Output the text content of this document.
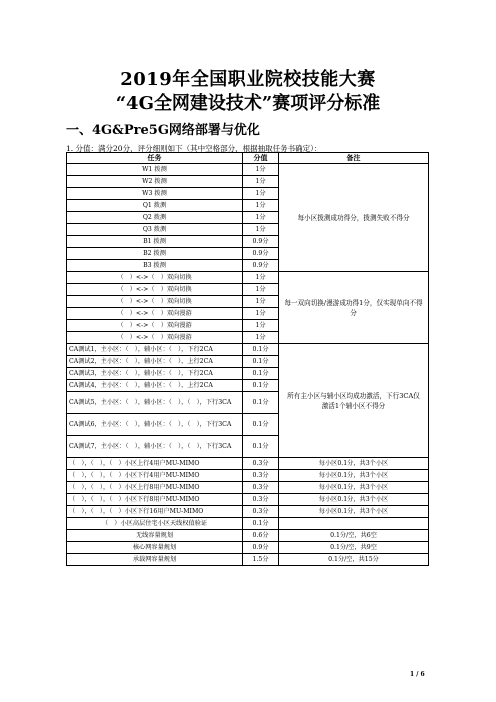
2019年全国职业院校技能大赛
“4G全网建设技术”赛项评分标准
一、4G&Pre5G网络部署与优化
1. 分值：满分20分，评分细则如下（其中空格部分，根据抽取任务书确定）：
任务	分值	备注
W1 拨测	1分	每小区拨测成功得分，拨测失败不得分
W2 拨测	1分	
W3 拨测	1分	
Q1 拨测	1分	
Q2 拨测	1分	
Q3 拨测	1分	
B1 拨测	0.9分	
B2 拨测	0.9分	
B3 拨测	0.9分	
（　）<->（　）双向切换	1分	每一双向切换/漫游成功得1分，仅实现单向不得分
（　）<->（　）双向切换	1分	
（　）<->（　）双向切换	1分	
（　）<->（　）双向漫游	1分	
（　）<->（　）双向漫游	1分	
（　）<->（　）双向漫游	1分	
CA测试1，主小区：（　），辅小区：（　），下行2CA	0.1分	所有主小区与辅小区均成功激活，下行3CA仅激活1个辅小区不得分
CA测试2，主小区：（　），辅小区：（　），上行2CA	0.1分	
CA测试3，主小区：（　），辅小区：（　），下行2CA	0.1分	
CA测试4，主小区：（　），辅小区：（　），上行2CA	0.1分	
CA测试5，主小区：（　），辅小区：（　），（　），下行3CA	0.1分	
CA测试6，主小区：（　），辅小区：（　），（　），下行3CA	0.1分	
CA测试7，主小区：（　），辅小区：（　），（　），下行3CA	0.1分	
（　），（　），（　）小区上行4用户MU-MIMO	0.3分	每小区0.1分，共3个小区
（　），（　），（　）小区下行4用户MU-MIMO	0.3分	每小区0.1分，共3个小区
（　），（　），（　）小区上行8用户MU-MIMO	0.3分	每小区0.1分，共3个小区
（　），（　），（　）小区下行8用户MU-MIMO	0.3分	每小区0.1分，共3个小区
（　），（　），（　）小区下行16用户MU-MIMO	0.3分	每小区0.1分，共3个小区
（　）小区高层住宅小区天线权值验证	0.1分	
无线容量规划	0.6分	0.1分/空，共6空
核心网容量规划	0.9分	0.1分/空，共9空
承载网容量规划	1.5分	0.1分/空，共15分
1 / 6
